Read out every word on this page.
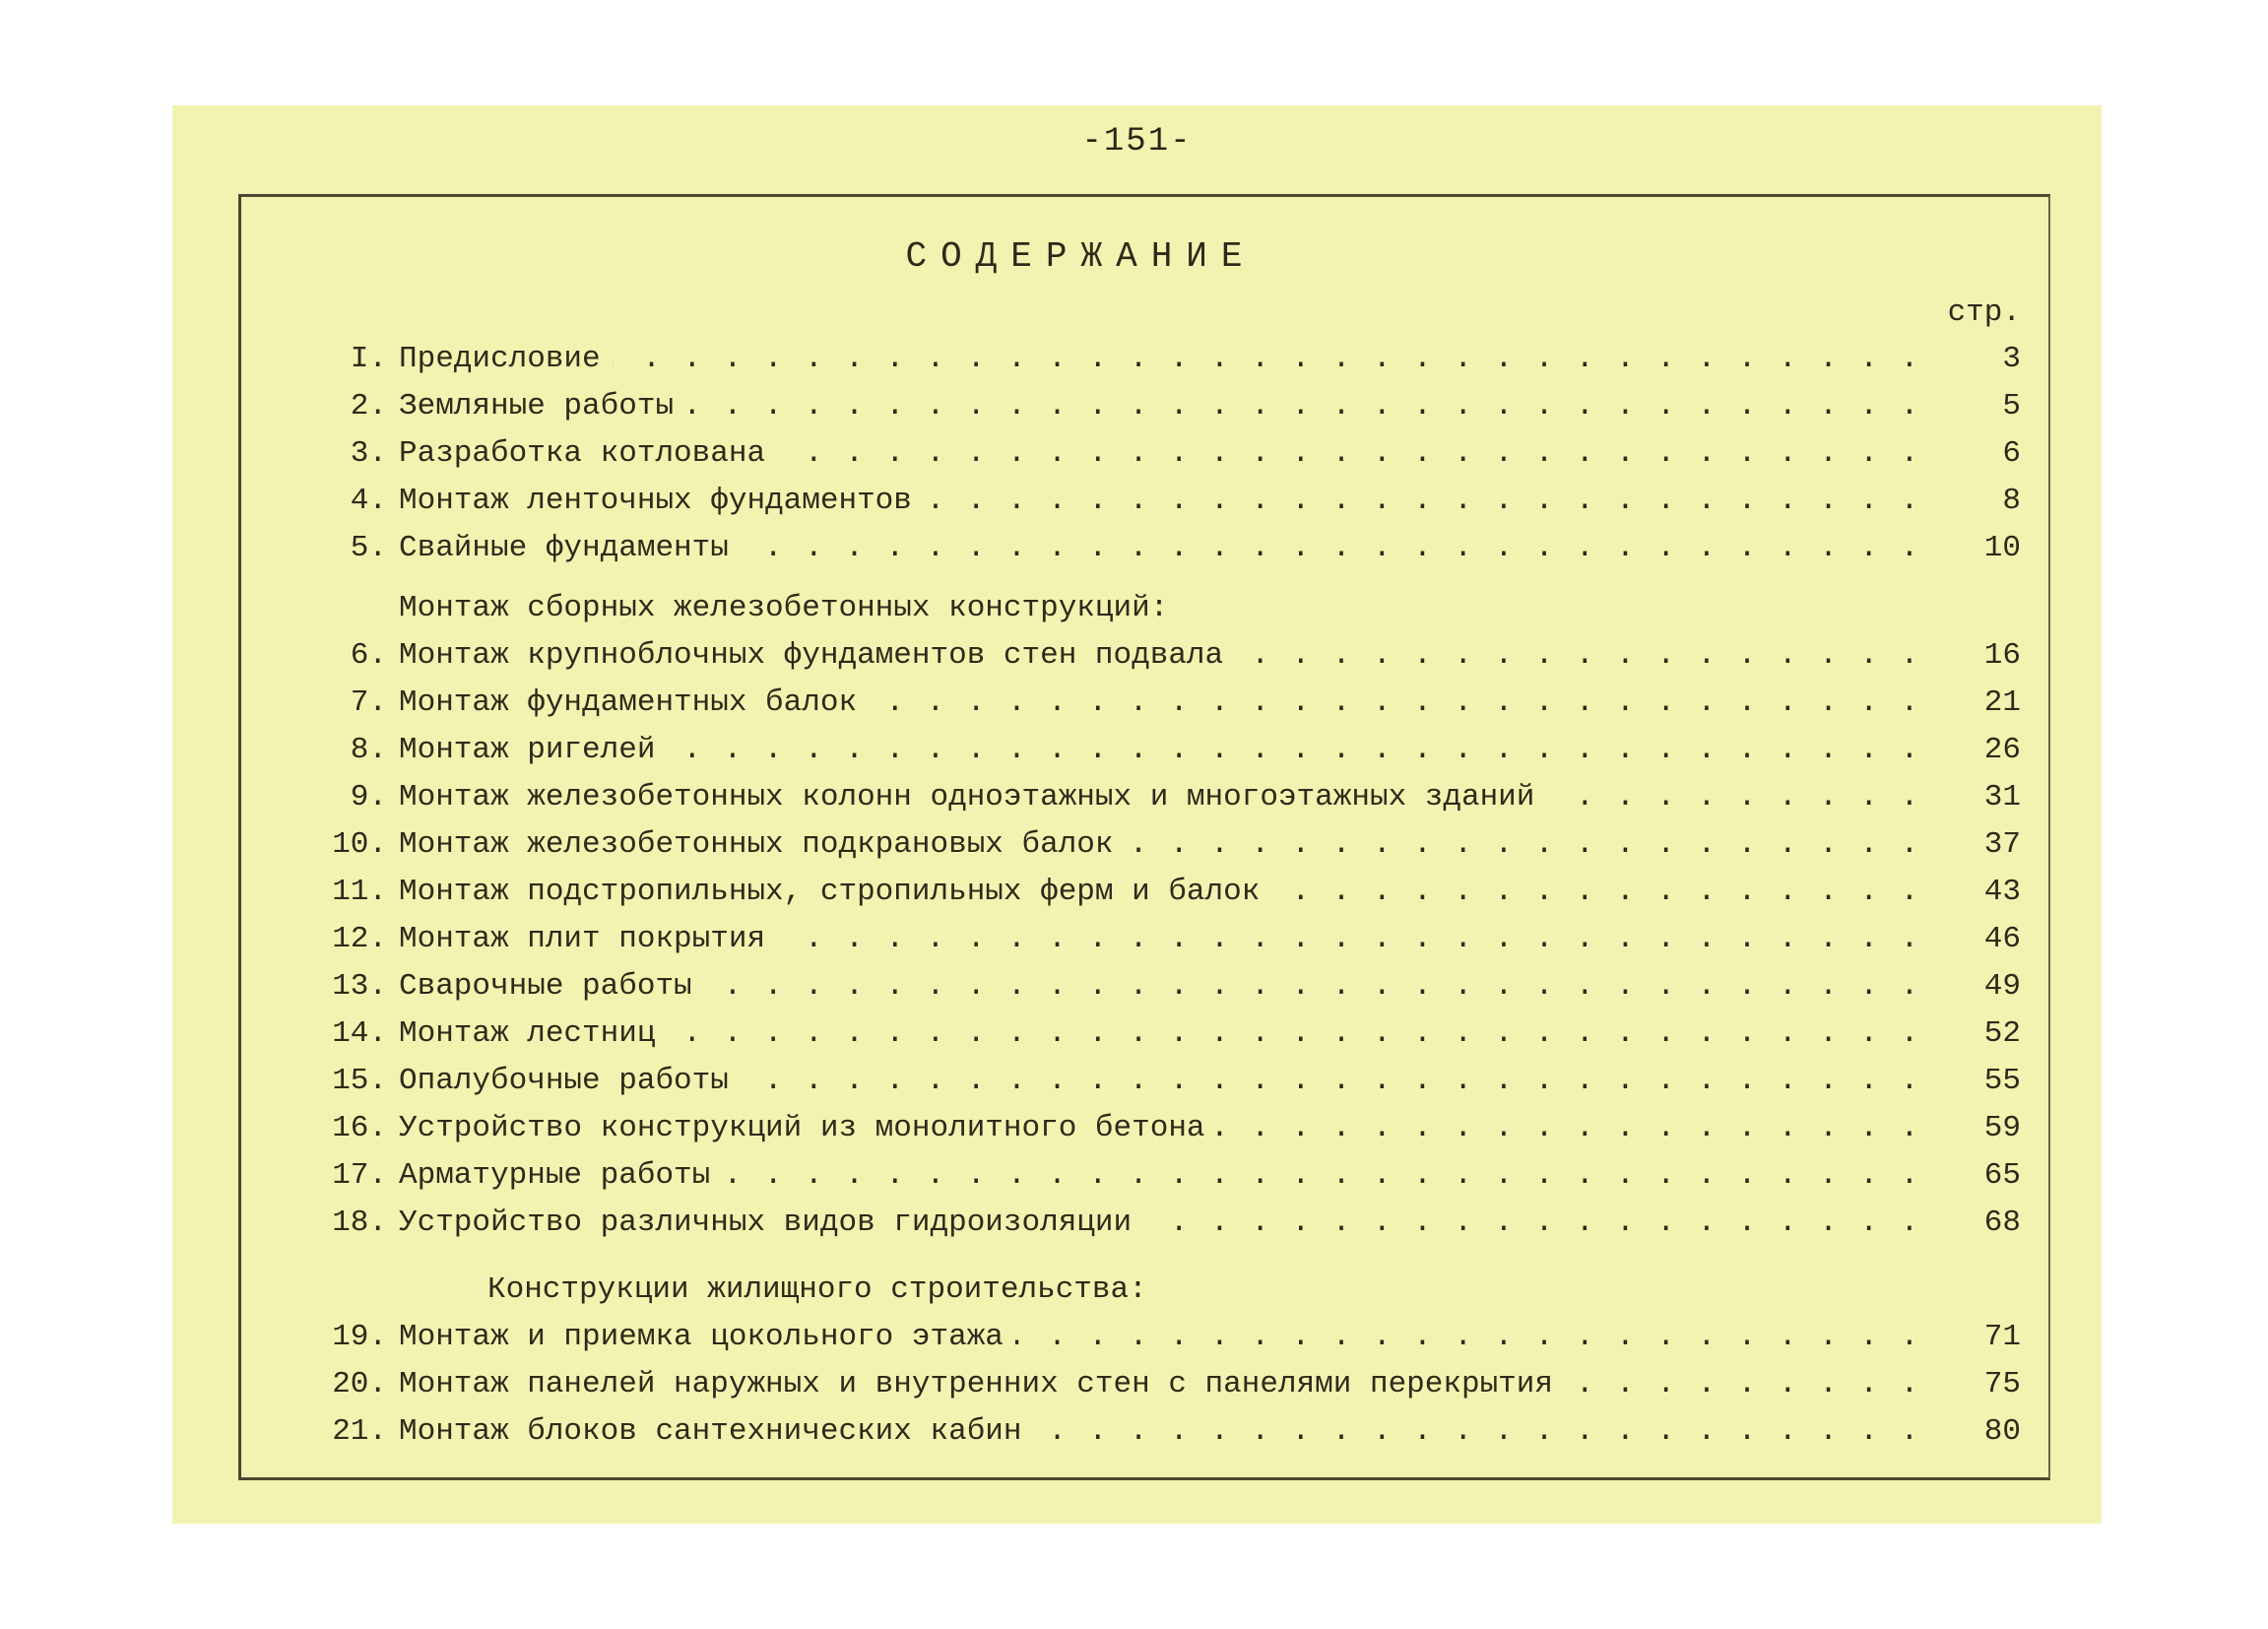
-151-
СОДЕРЖАНИЕ
стр.
I. Предисловие . . .	3
2. Земляные работы . . .	5
3. Разработка котлована . . .	6
4. Монтаж ленточных фундаментов . . .	8
5. Свайные фундаменты . . .	10
Монтаж сборных железобетонных конструкций:
6. Монтаж крупноблочных фундаментов стен подвала . . .	16
7. Монтаж фундаментных балок . . .	21
8. Монтаж ригелей . . .	26
9. Монтаж железобетонных колонн одноэтажных и многоэтажных зданий . . .	31
10. Монтаж железобетонных подкрановых балок . . .	37
11. Монтаж подстропильных, стропильных ферм и балок . . .	43
12. Монтаж плит покрытия . . .	46
13. Сварочные работы . . .	49
14. Монтаж лестниц . . .	52
15. Опалубочные работы . . .	55
16. Устройство конструкций из монолитного бетона . . .	59
17. Арматурные работы . . .	65
18. Устройство различных видов гидроизоляции . . .	68
Конструкции жилищного строительства:
19. Монтаж и приемка цокольного этажа . . .	71
20. Монтаж панелей наружных и внутренних стен с панелями перекрытия . . .	75
21. Монтаж блоков сантехнических кабин . . .	80
